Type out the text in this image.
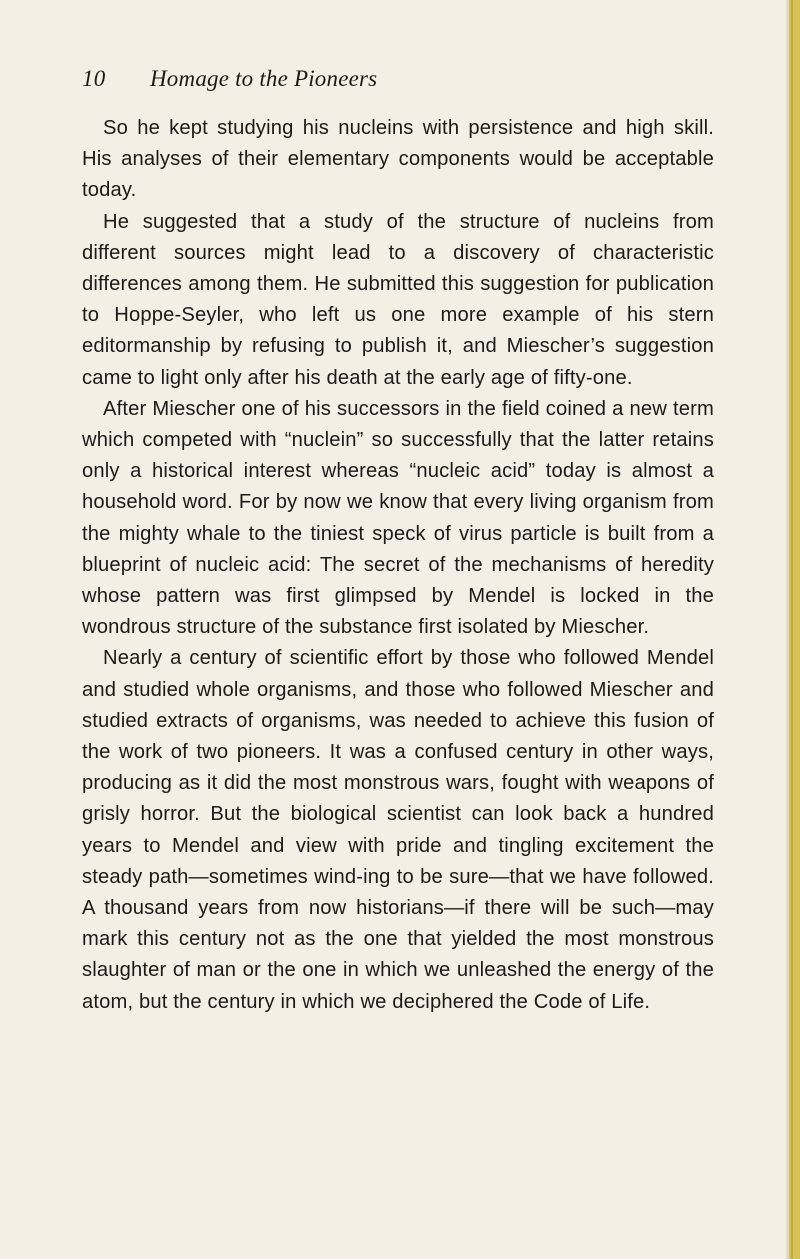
10 Homage to the Pioneers

So he kept studying his nucleins with persistence and high skill. His analyses of their elementary components would be acceptable today.

He suggested that a study of the structure of nucleins from different sources might lead to a discovery of characteristic differences among them. He submitted this suggestion for publication to Hoppe-Seyler, who left us one more example of his stern editormanship by refusing to publish it, and Miescher’s suggestion came to light only after his death at the early age of fifty-one.

After Miescher one of his successors in the field coined a new term which competed with “nuclein” so successfully that the latter retains only a historical interest whereas “nucleic acid” today is almost a household word. For by now we know that every living organism from the mighty whale to the tiniest speck of virus particle is built from a blueprint of nucleic acid: The secret of the mechanisms of heredity whose pattern was first glimpsed by Mendel is locked in the wondrous structure of the substance first isolated by Miescher.

Nearly a century of scientific effort by those who followed Mendel and studied whole organisms, and those who followed Miescher and studied extracts of organisms, was needed to achieve this fusion of the work of two pioneers. It was a confused century in other ways, producing as it did the most monstrous wars, fought with weapons of grisly horror. But the biological scientist can look back a hundred years to Mendel and view with pride and tingling excitement the steady path—sometimes wind-ing to be sure—that we have followed. A thousand years from now historians—if there will be such—may mark this century not as the one that yielded the most monstrous slaughter of man or the one in which we unleashed the energy of the atom, but the century in which we deciphered the Code of Life.
